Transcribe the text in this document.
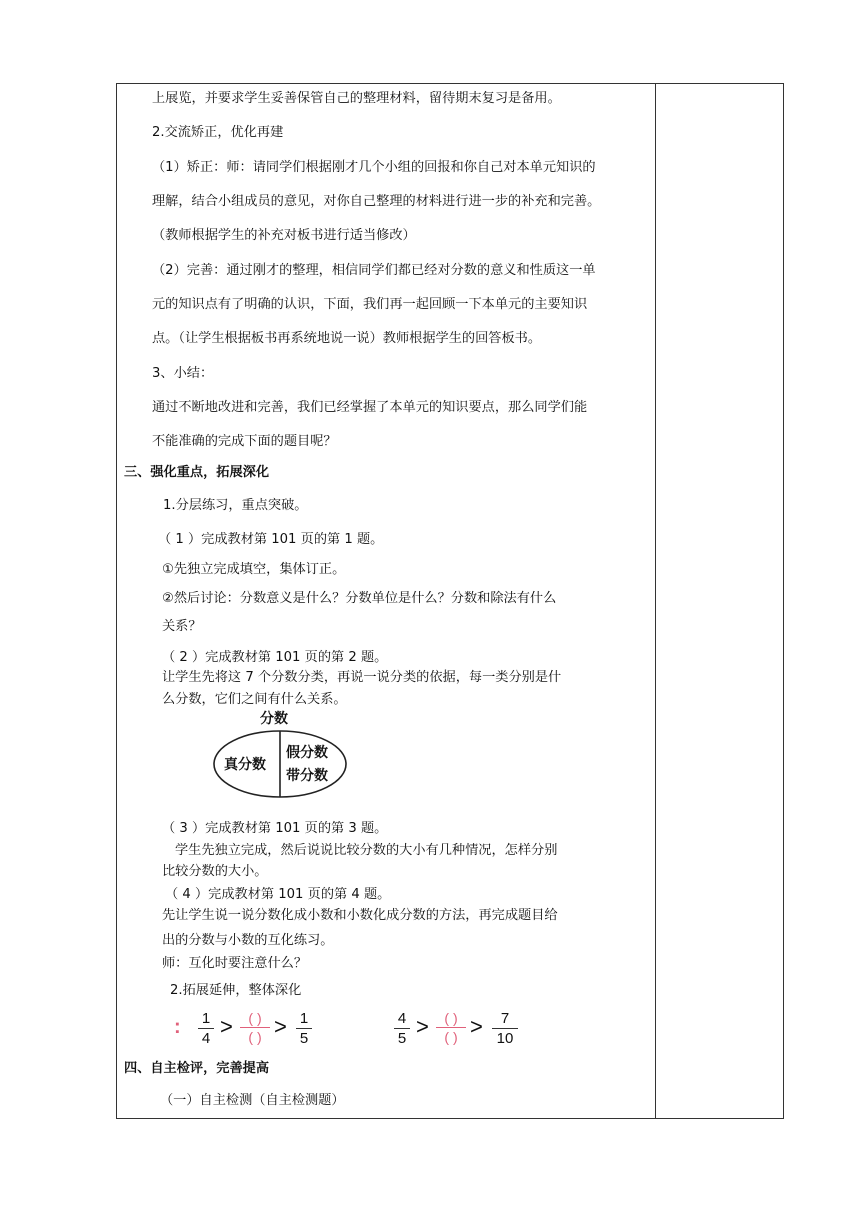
上展览，并要求学生妥善保管自己的整理材料，留待期末复习是备用。
2.交流矫正，优化再建
（1）矫正：师：请同学们根据刚才几个小组的回报和你自己对本单元知识的
理解，结合小组成员的意见，对你自己整理的材料进行进一步的补充和完善。
（教师根据学生的补充对板书进行适当修改）
（2）完善：通过刚才的整理，相信同学们都已经对分数的意义和性质这一单
元的知识点有了明确的认识，下面，我们再一起回顾一下本单元的主要知识
点。（让学生根据板书再系统地说一说）教师根据学生的回答板书。
3、小结：
通过不断地改进和完善，我们已经掌握了本单元的知识要点，那么同学们能
不能准确的完成下面的题目呢？
三、强化重点，拓展深化
1.分层练习，重点突破。
（ 1 ）完成教材第 101 页的第 1 题。
①先独立完成填空，集体订正。
②然后讨论：分数意义是什么？分数单位是什么？分数和除法有什么
关系？
（ 2 ）完成教材第 101 页的第 2 题。
让学生先将这 7 个分数分类，再说一说分类的依据，每一类分别是什
么分数，它们之间有什么关系。
分数
真分数
假分数
带分数
（ 3 ）完成教材第 101 页的第 3 题。
学生先独立完成，然后说说比较分数的大小有几种情况，怎样分别
比较分数的大小。
（ 4 ）完成教材第 101 页的第 4 题。
先让学生说一说分数化成小数和小数化成分数的方法，再完成题目给
出的分数与小数的互化练习。
师：互化时要注意什么？
2.拓展延伸，整体深化
: 1
4 >	( )
( ) > 1
5
4
5 >	( )
( ) >	7
10
四、自主检评，完善提高
（一）自主检测（自主检测题）
